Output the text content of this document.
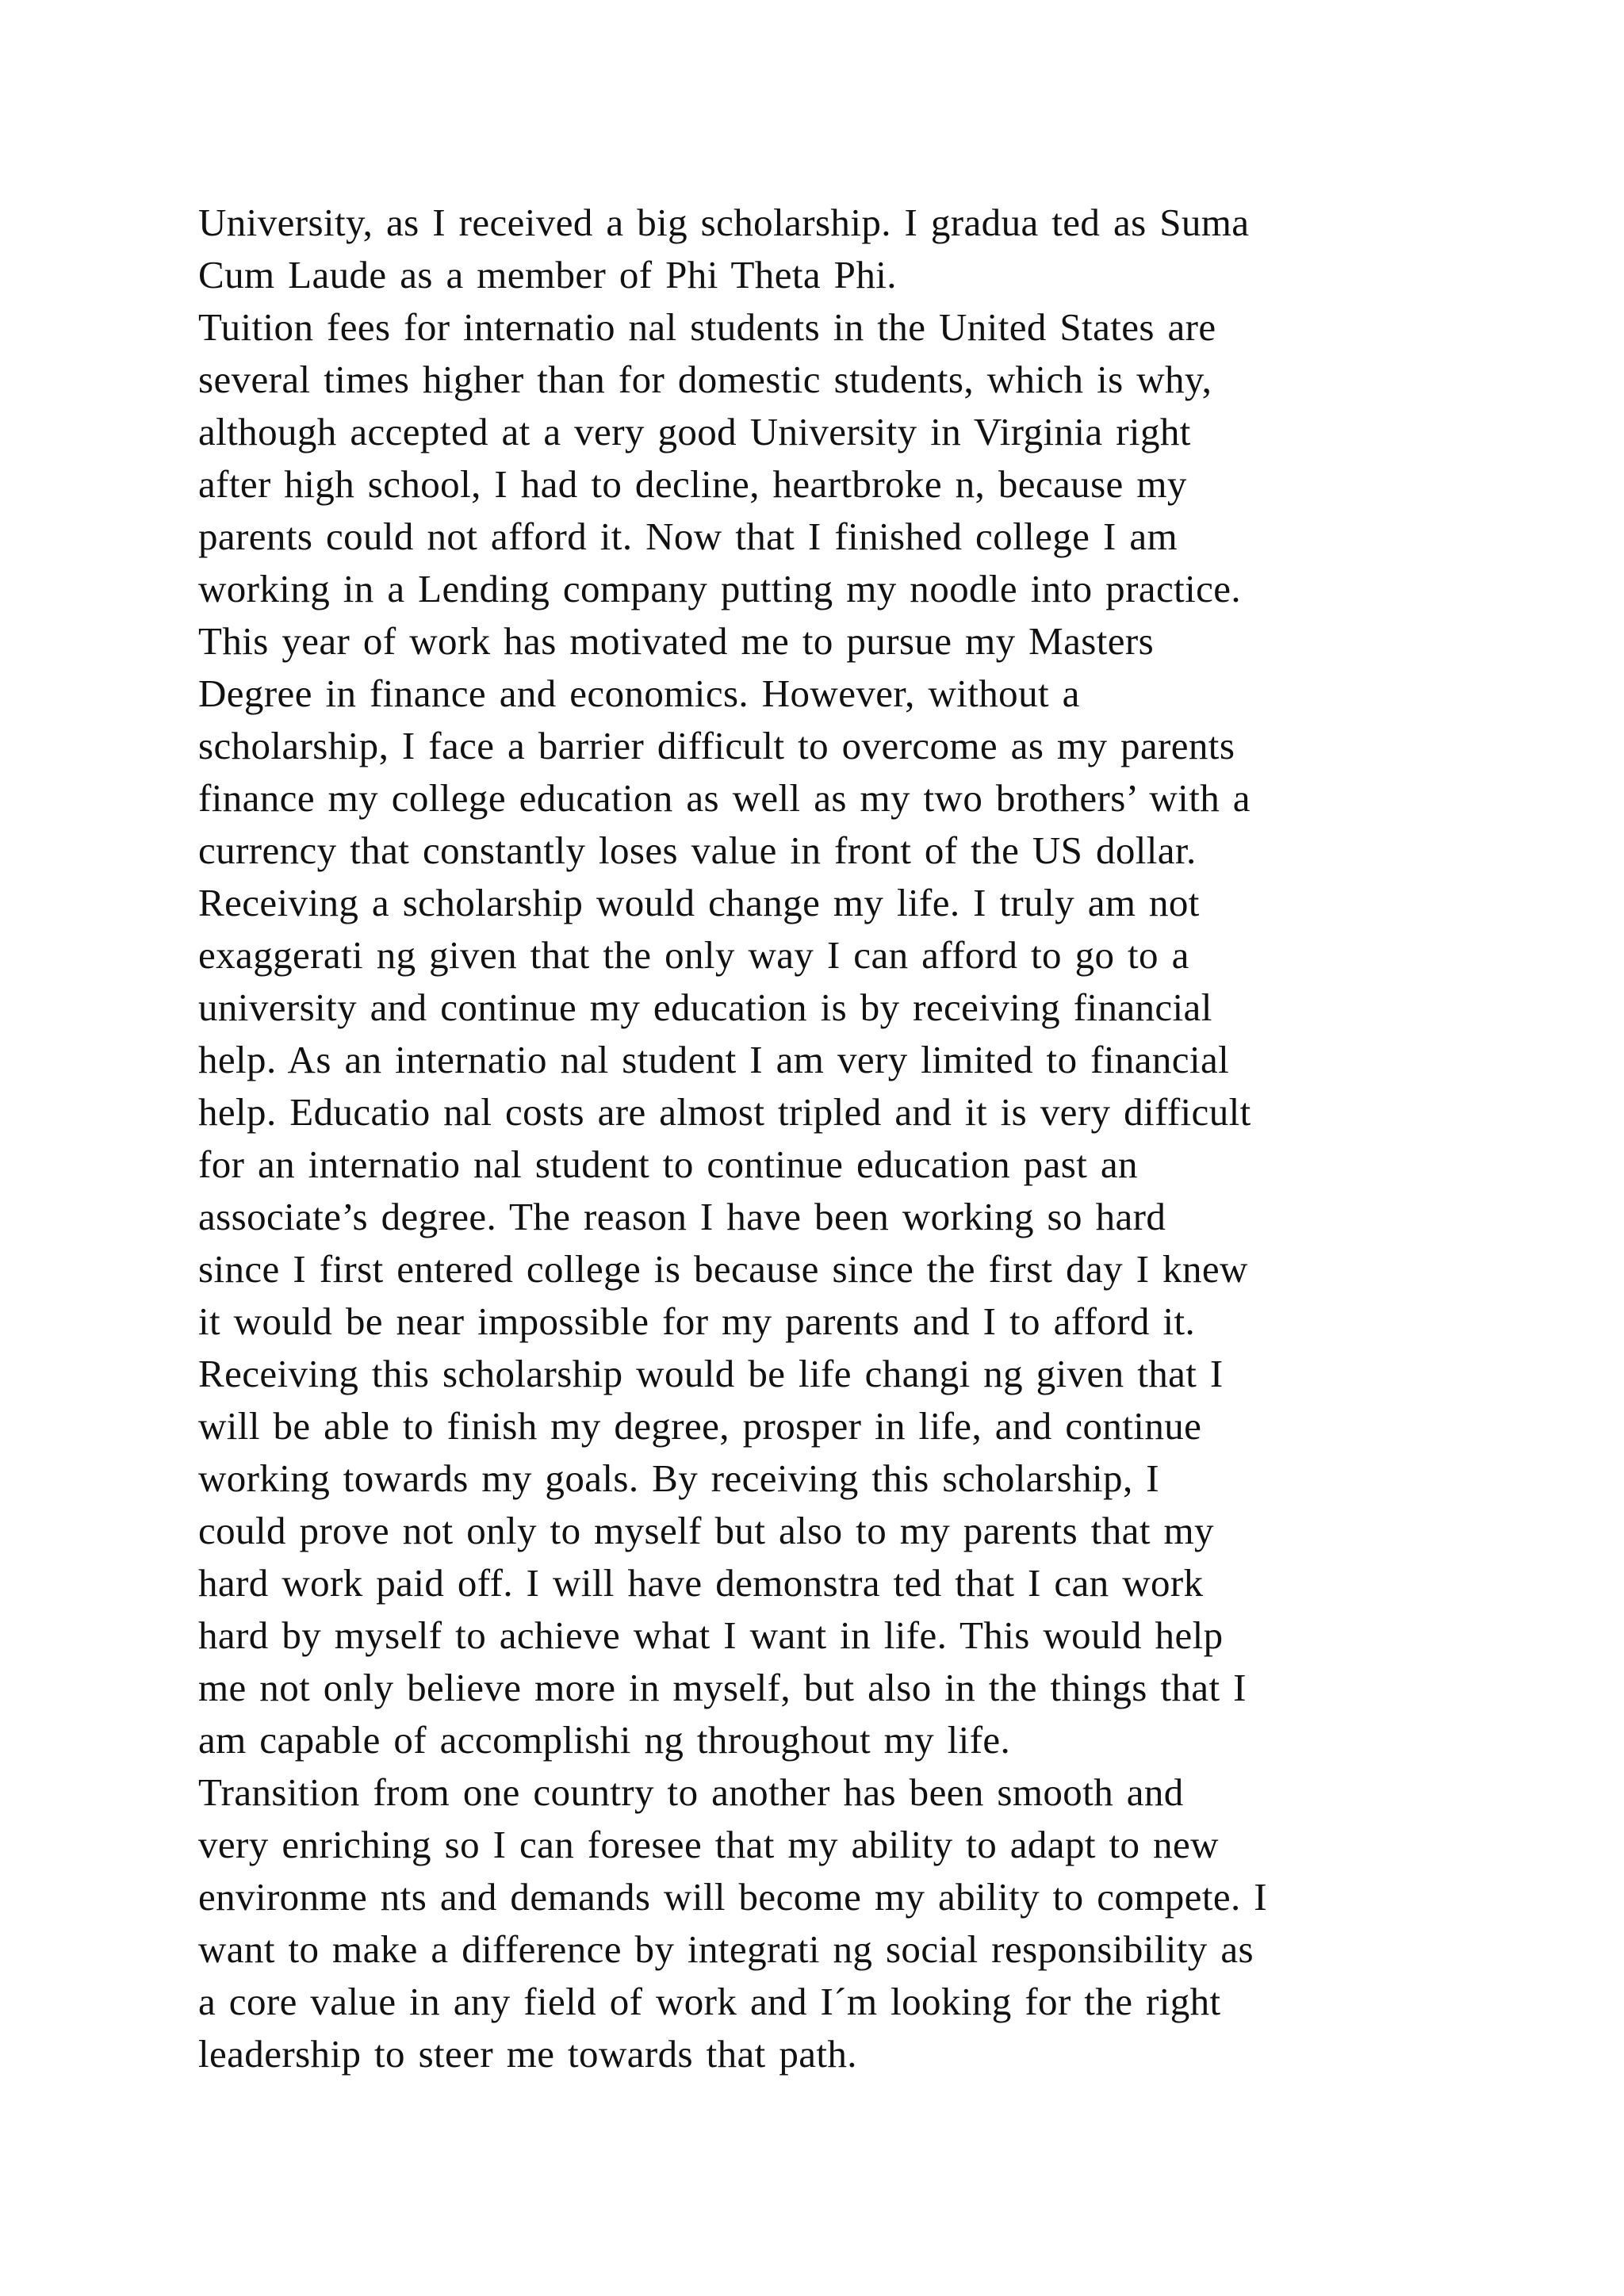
University, as I received a big scholarship. I gradua ted as Suma
Cum Laude as a member of Phi Theta Phi.
Tuition fees for internatio nal students in the United States are
several times higher than for domestic students, which is why,
although accepted at a very good University in Virginia right
after high school, I had to decline, heartbroke n, because my
parents could not afford it. Now that I finished college I am
working in a Lending company putting my noodle into practice.
This year of work has motivated me to pursue my Masters
Degree in finance and economics. However, without a
scholarship, I face a barrier difficult to overcome as my parents
finance my college education as well as my two brothers’ with a
currency that constantly loses value in front of the US dollar.
Receiving a scholarship would change my life. I truly am not
exaggerati ng given that the only way I can afford to go to a
university and continue my education is by receiving financial
help. As an internatio nal student I am very limited to financial
help. Educatio nal costs are almost tripled and it is very difficult
for an internatio nal student to continue education past an
associate’s degree. The reason I have been working so hard
since I first entered college is because since the first day I knew
it would be near impossible for my parents and I to afford it.
Receiving this scholarship would be life changi ng given that I
will be able to finish my degree, prosper in life, and continue
working towards my goals. By receiving this scholarship, I
could prove not only to myself but also to my parents that my
hard work paid off. I will have demonstra ted that I can work
hard by myself to achieve what I want in life. This would help
me not only believe more in myself, but also in the things that I
am capable of accomplishi ng throughout my life.
Transition from one country to another has been smooth and
very enriching so I can foresee that my ability to adapt to new
environme nts and demands will become my ability to compete. I
want to make a difference by integrati ng social responsibility as
a core value in any field of work and I´m looking for the right
leadership to steer me towards that path.
